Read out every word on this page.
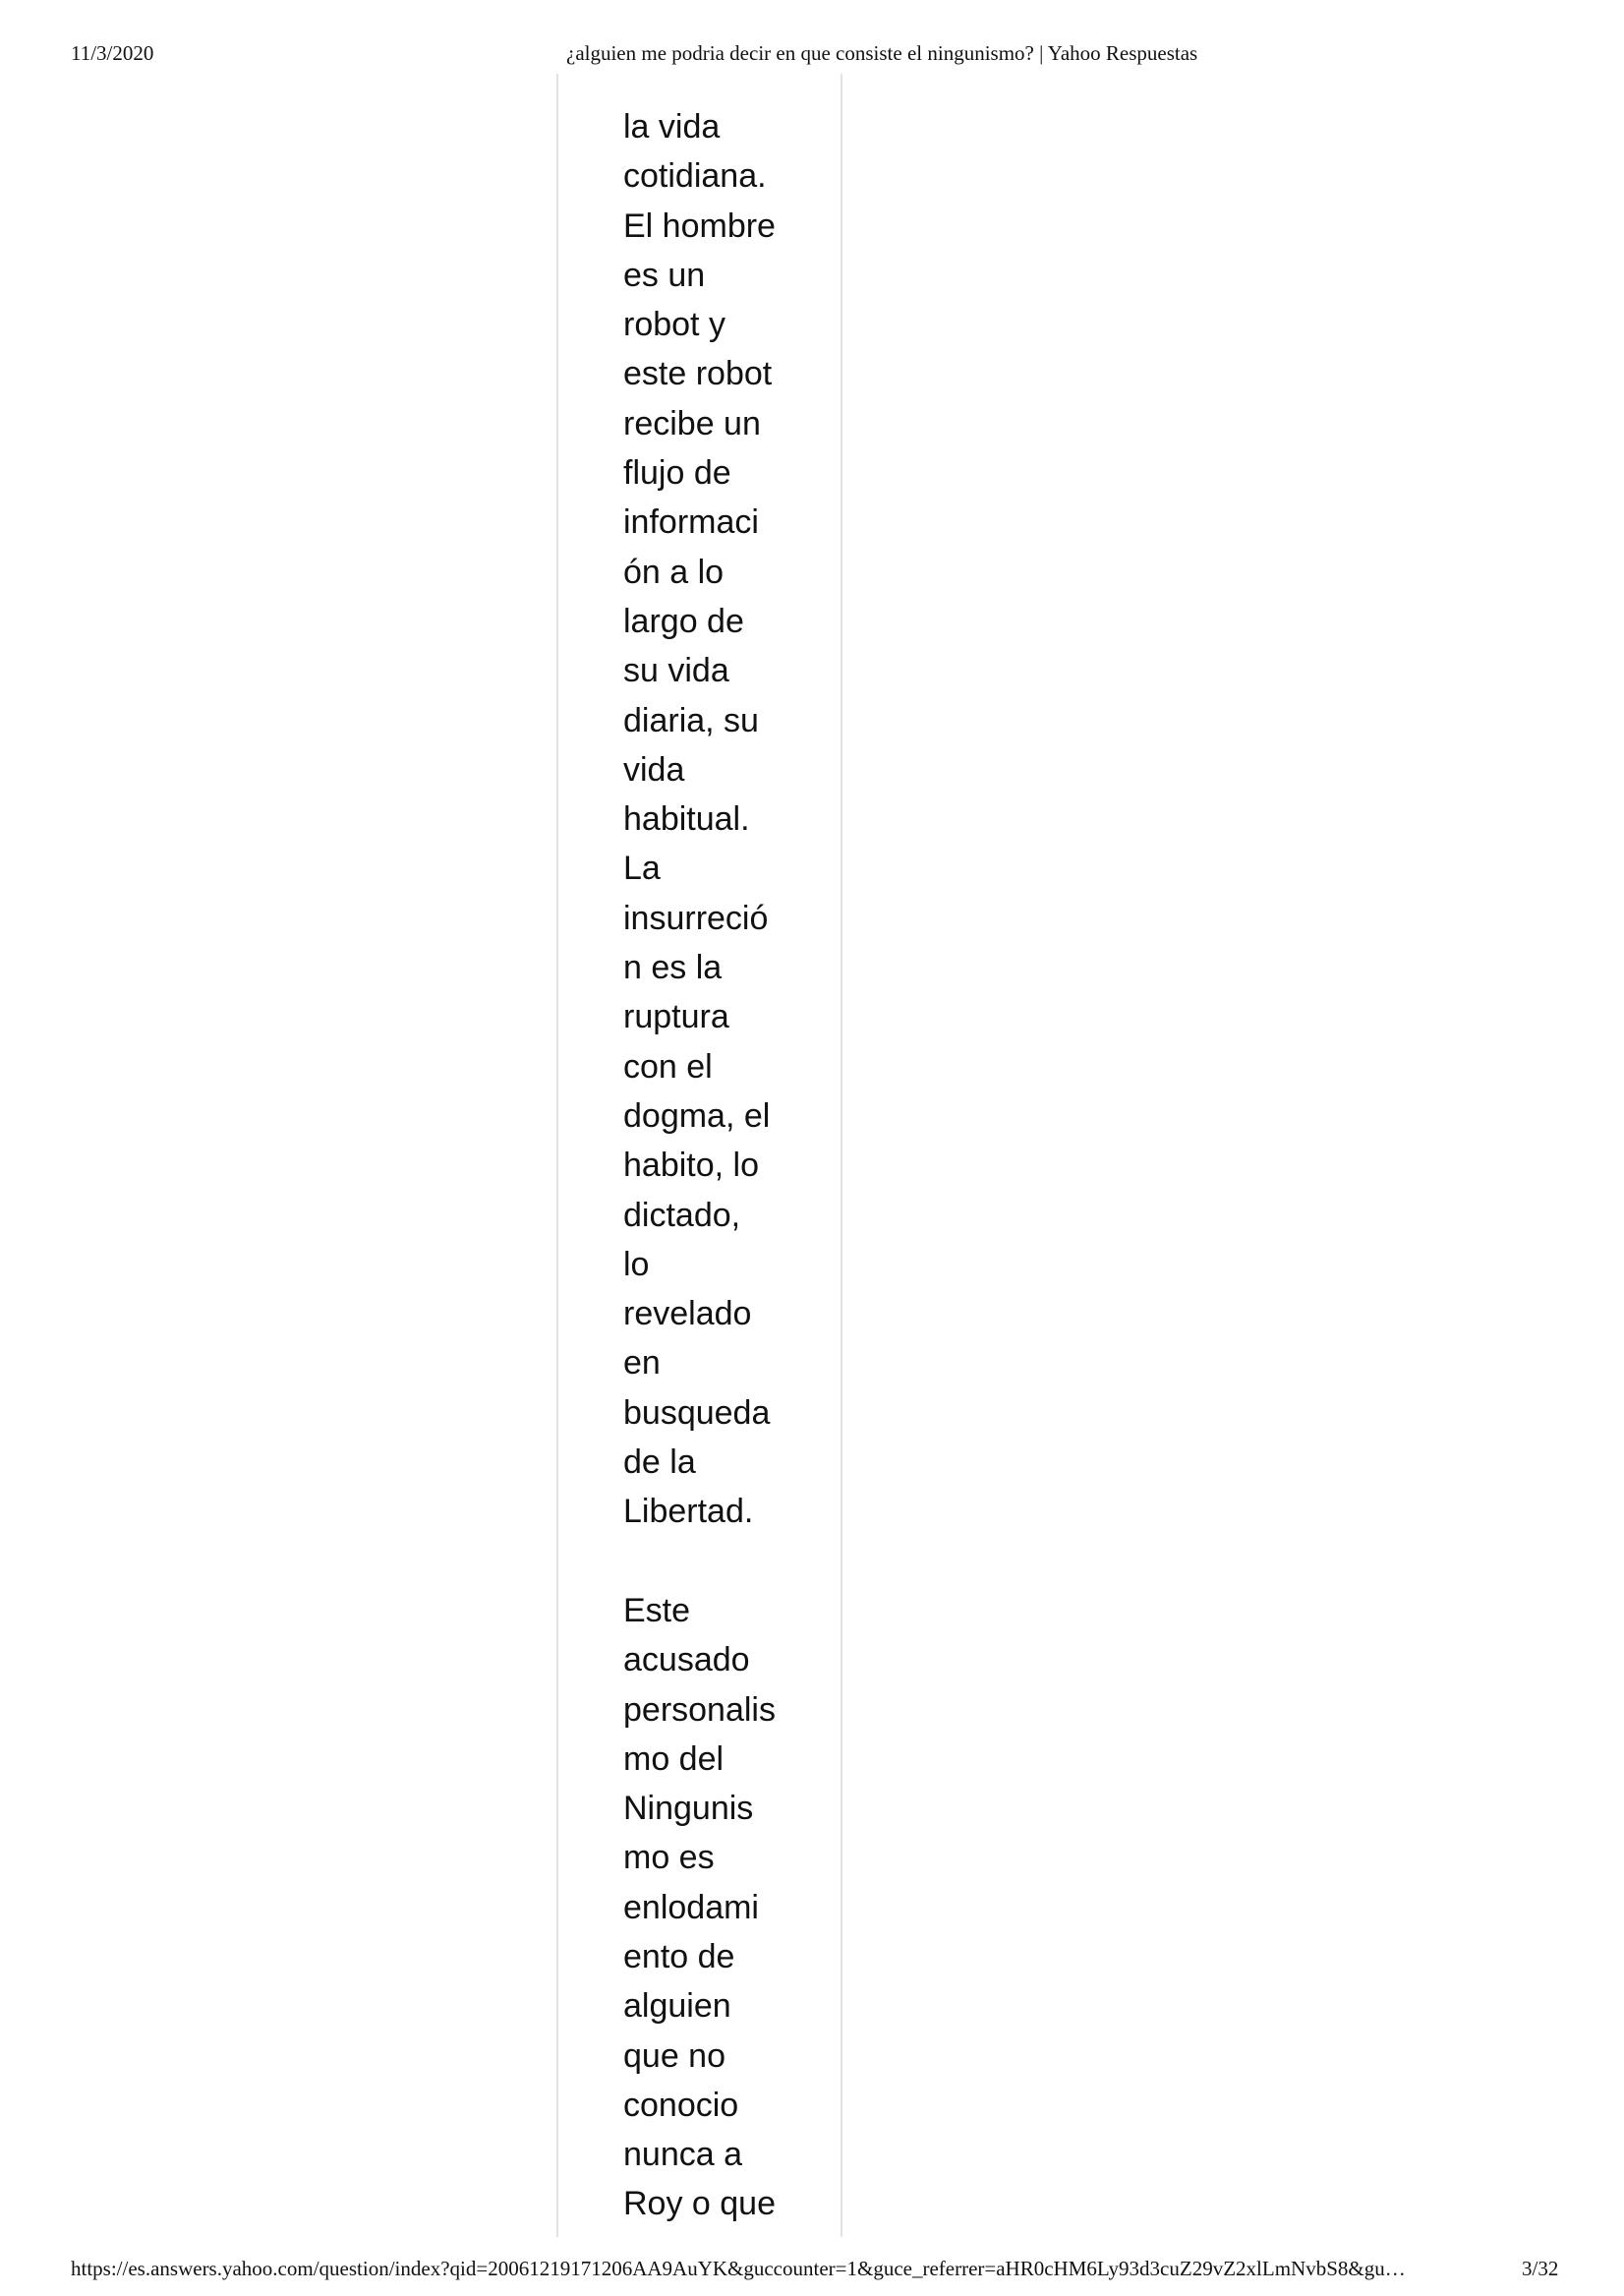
11/3/2020	¿alguien me podria decir en que consiste el ningunismo? | Yahoo Respuestas
la vida
cotidiana.
El hombre
es un
robot y
este robot
recibe un
flujo de
informaci
ón a lo
largo de
su vida
diaria, su
vida
habitual.
La
insurreció
n es la
ruptura
con el
dogma, el
habito, lo
dictado,
lo
revelado
en
busqueda
de la
Libertad.
Este
acusado
personalis
mo del
Ningunis
mo es
enlodami
ento de
alguien
que no
conocio
nunca a
Roy o que
https://es.answers.yahoo.com/question/index?qid=20061219171206AA9AuYK&guccounter=1&guce_referrer=aHR0cHM6Ly93d3cuZ29vZ2xlLmNvbS8&gu…	3/32
